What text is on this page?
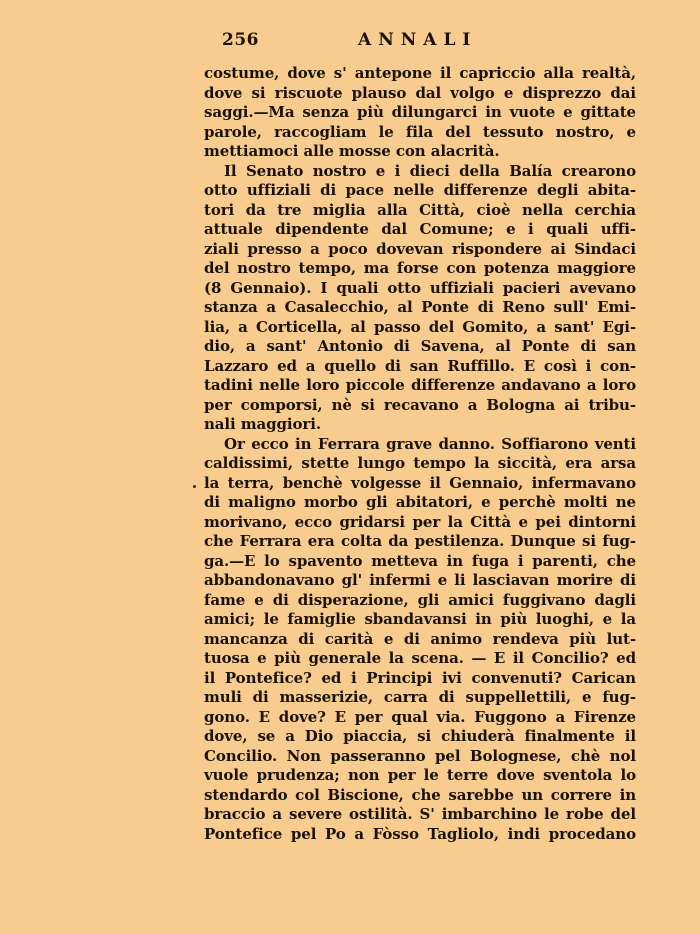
256	ANNALI
costume, dove s' antepone il capriccio alla realtà,
dove si riscuote plauso dal volgo e disprezzo dai
saggi.—Ma senza più dilungarci in vuote e gittate
parole, raccogliam le fila del tessuto nostro, e
mettiamoci alle mosse con alacrità.
Il Senato nostro e i dieci della Balía crearono
otto uffiziali di pace nelle differenze degli abita-
tori da tre miglia alla Città, cioè nella cerchia
attuale dipendente dal Comune; e i quali uffi-
ziali presso a poco dovevan rispondere ai Sindaci
del nostro tempo, ma forse con potenza maggiore
(8 Gennaio). I quali otto uffiziali pacieri avevano
stanza a Casalecchio, al Ponte di Reno sull' Emi-
lia, a Corticella, al passo del Gomito, a sant' Egi-
dio, a sant' Antonio di Savena, al Ponte di san
Lazzaro ed a quello di san Ruffillo. E così i con-
tadini nelle loro piccole differenze andavano a loro
per comporsi, nè si recavano a Bologna ai tribu-
nali maggiori.
Or ecco in Ferrara grave danno. Soffiarono venti
caldissimi, stette lungo tempo la siccità, era arsa
la terra, benchè volgesse il Gennaio, infermavano
di maligno morbo gli abitatori, e perchè molti ne
morivano, ecco gridarsi per la Città e pei dintorni
che Ferrara era colta da pestilenza. Dunque si fug-
ga.—E lo spavento metteva in fuga i parenti, che
abbandonavano gl' infermi e li lasciavan morire di
fame e di disperazione, gli amici fuggivano dagli
amici; le famiglie sbandavansi in più luoghi, e la
mancanza di carità e di animo rendeva più lut-
tuosa e più generale la scena. — E il Concilio? ed
il Pontefice? ed i Principi ivi convenuti? Carican
muli di masserizie, carra di suppellettili, e fug-
gono. E dove? E per qual via. Fuggono a Firenze
dove, se a Dio piaccia, si chiuderà finalmente il
Concilio. Non passeranno pel Bolognese, chè nol
vuole prudenza; non per le terre dove sventola lo
stendardo col Biscione, che sarebbe un correre in
braccio a severe ostilità. S' imbarchino le robe del
Pontefice pel Po a Fòsso Tagliolo, indi procedano
